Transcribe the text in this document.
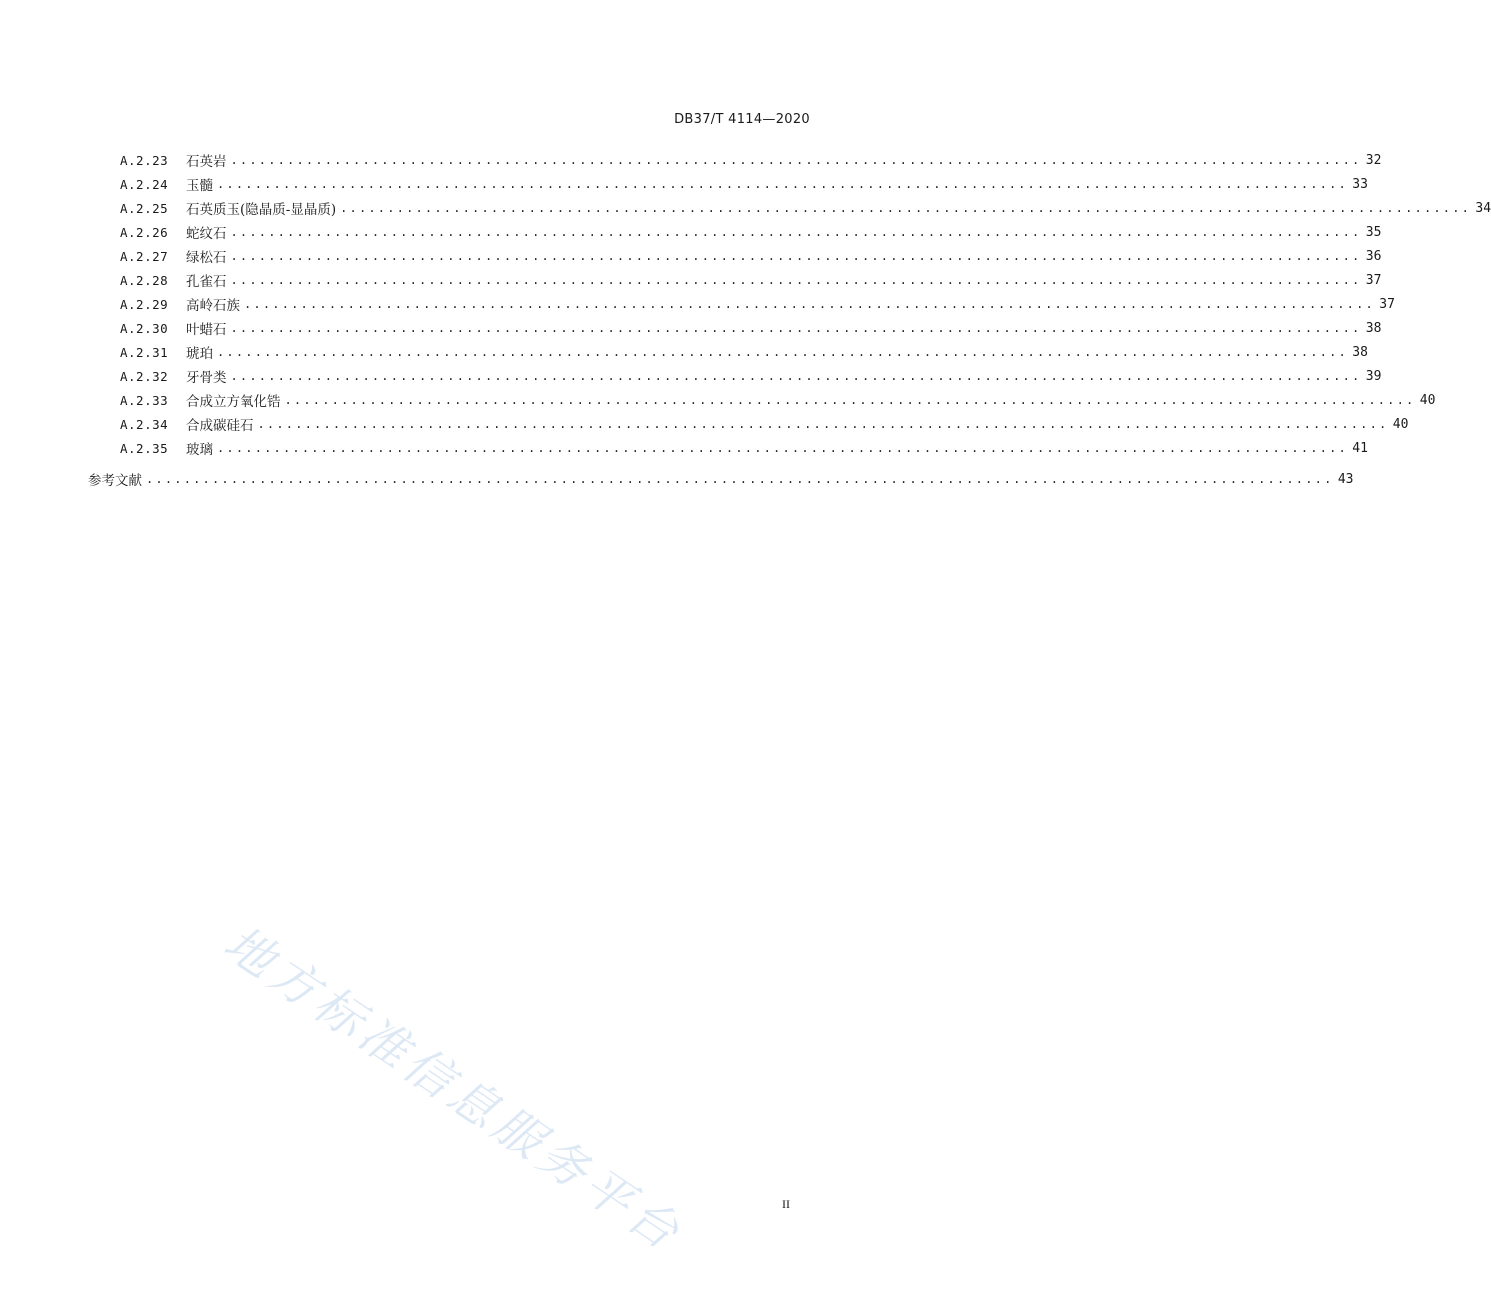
DB37/T 4114—2020
A.2.23	石英岩 ........................................................................................................................ 32
A.2.24	玉髓 ........................................................................................................................ 33
A.2.25	石英质玉(隐晶质-显晶质) ........................................................................................................................ 34
A.2.26	蛇纹石 ........................................................................................................................ 35
A.2.27	绿松石 ........................................................................................................................ 36
A.2.28	孔雀石 ........................................................................................................................ 37
A.2.29	高岭石族 ........................................................................................................................ 37
A.2.30	叶蜡石 ........................................................................................................................ 38
A.2.31	琥珀 ........................................................................................................................ 38
A.2.32	牙骨类 ........................................................................................................................ 39
A.2.33	合成立方氧化锆 ........................................................................................................................ 40
A.2.34	合成碳硅石 ........................................................................................................................ 40
A.2.35	玻璃 ........................................................................................................................ 41
参考文献 .............................................................................................................................. 43
地方标准信息服务平台	II
